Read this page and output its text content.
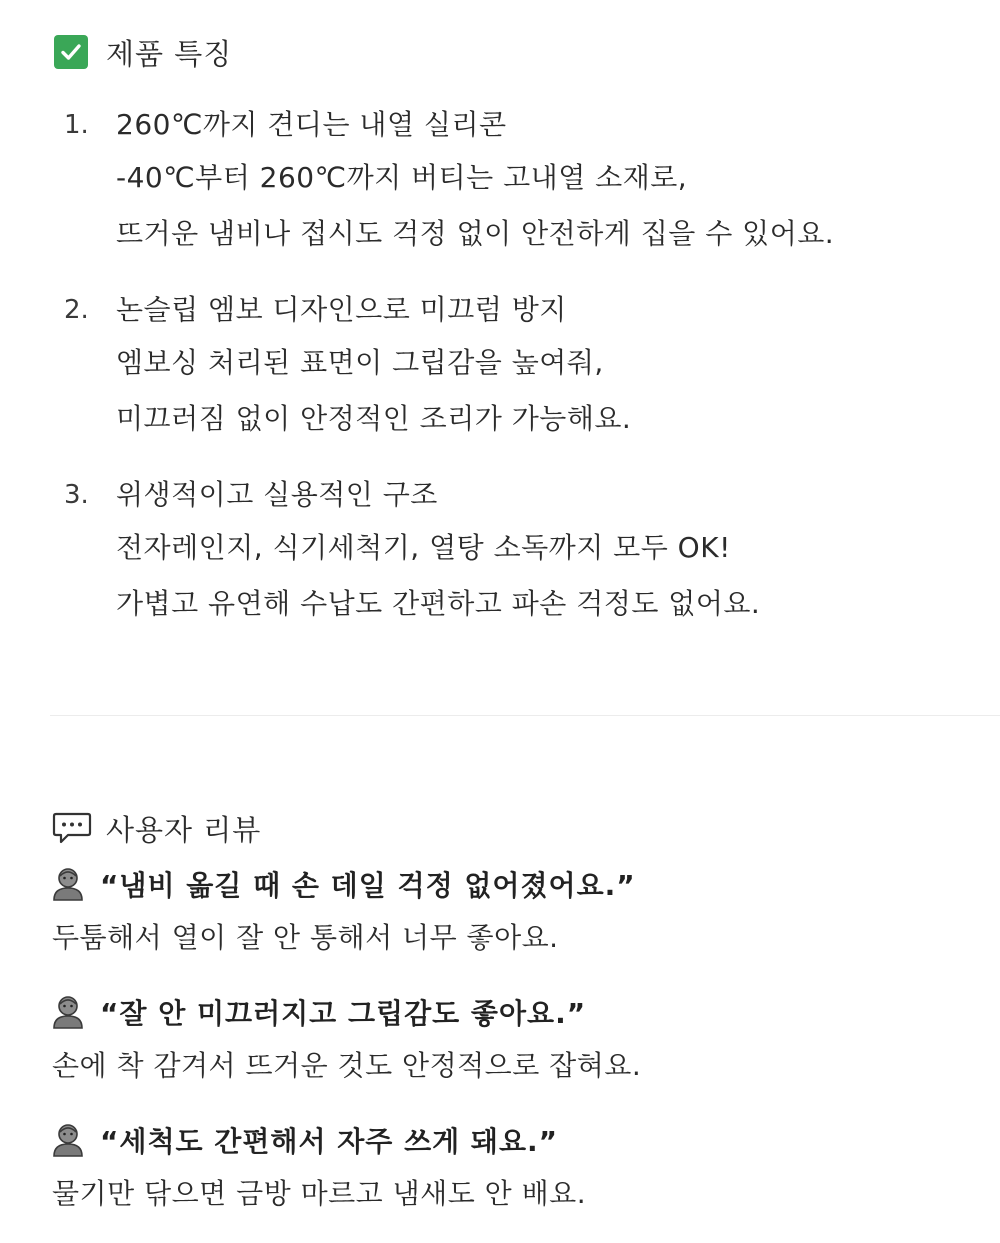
제품 특징
1. 260℃까지 견디는 내열 실리콘
-40℃부터 260℃까지 버티는 고내열 소재로,
뜨거운 냄비나 접시도 걱정 없이 안전하게 집을 수 있어요.
2. 논슬립 엠보 디자인으로 미끄럼 방지
엠보싱 처리된 표면이 그립감을 높여줘,
미끄러짐 없이 안정적인 조리가 가능해요.
3. 위생적이고 실용적인 구조
전자레인지, 식기세척기, 열탕 소독까지 모두 OK!
가볍고 유연해 수납도 간편하고 파손 걱정도 없어요.
사용자 리뷰
“냄비 옮길 때 손 데일 걱정 없어졌어요.”
두툼해서 열이 잘 안 통해서 너무 좋아요.
“잘 안 미끄러지고 그립감도 좋아요.”
손에 착 감겨서 뜨거운 것도 안정적으로 잡혀요.
“세척도 간편해서 자주 쓰게 돼요.”
물기만 닦으면 금방 마르고 냄새도 안 배요.
